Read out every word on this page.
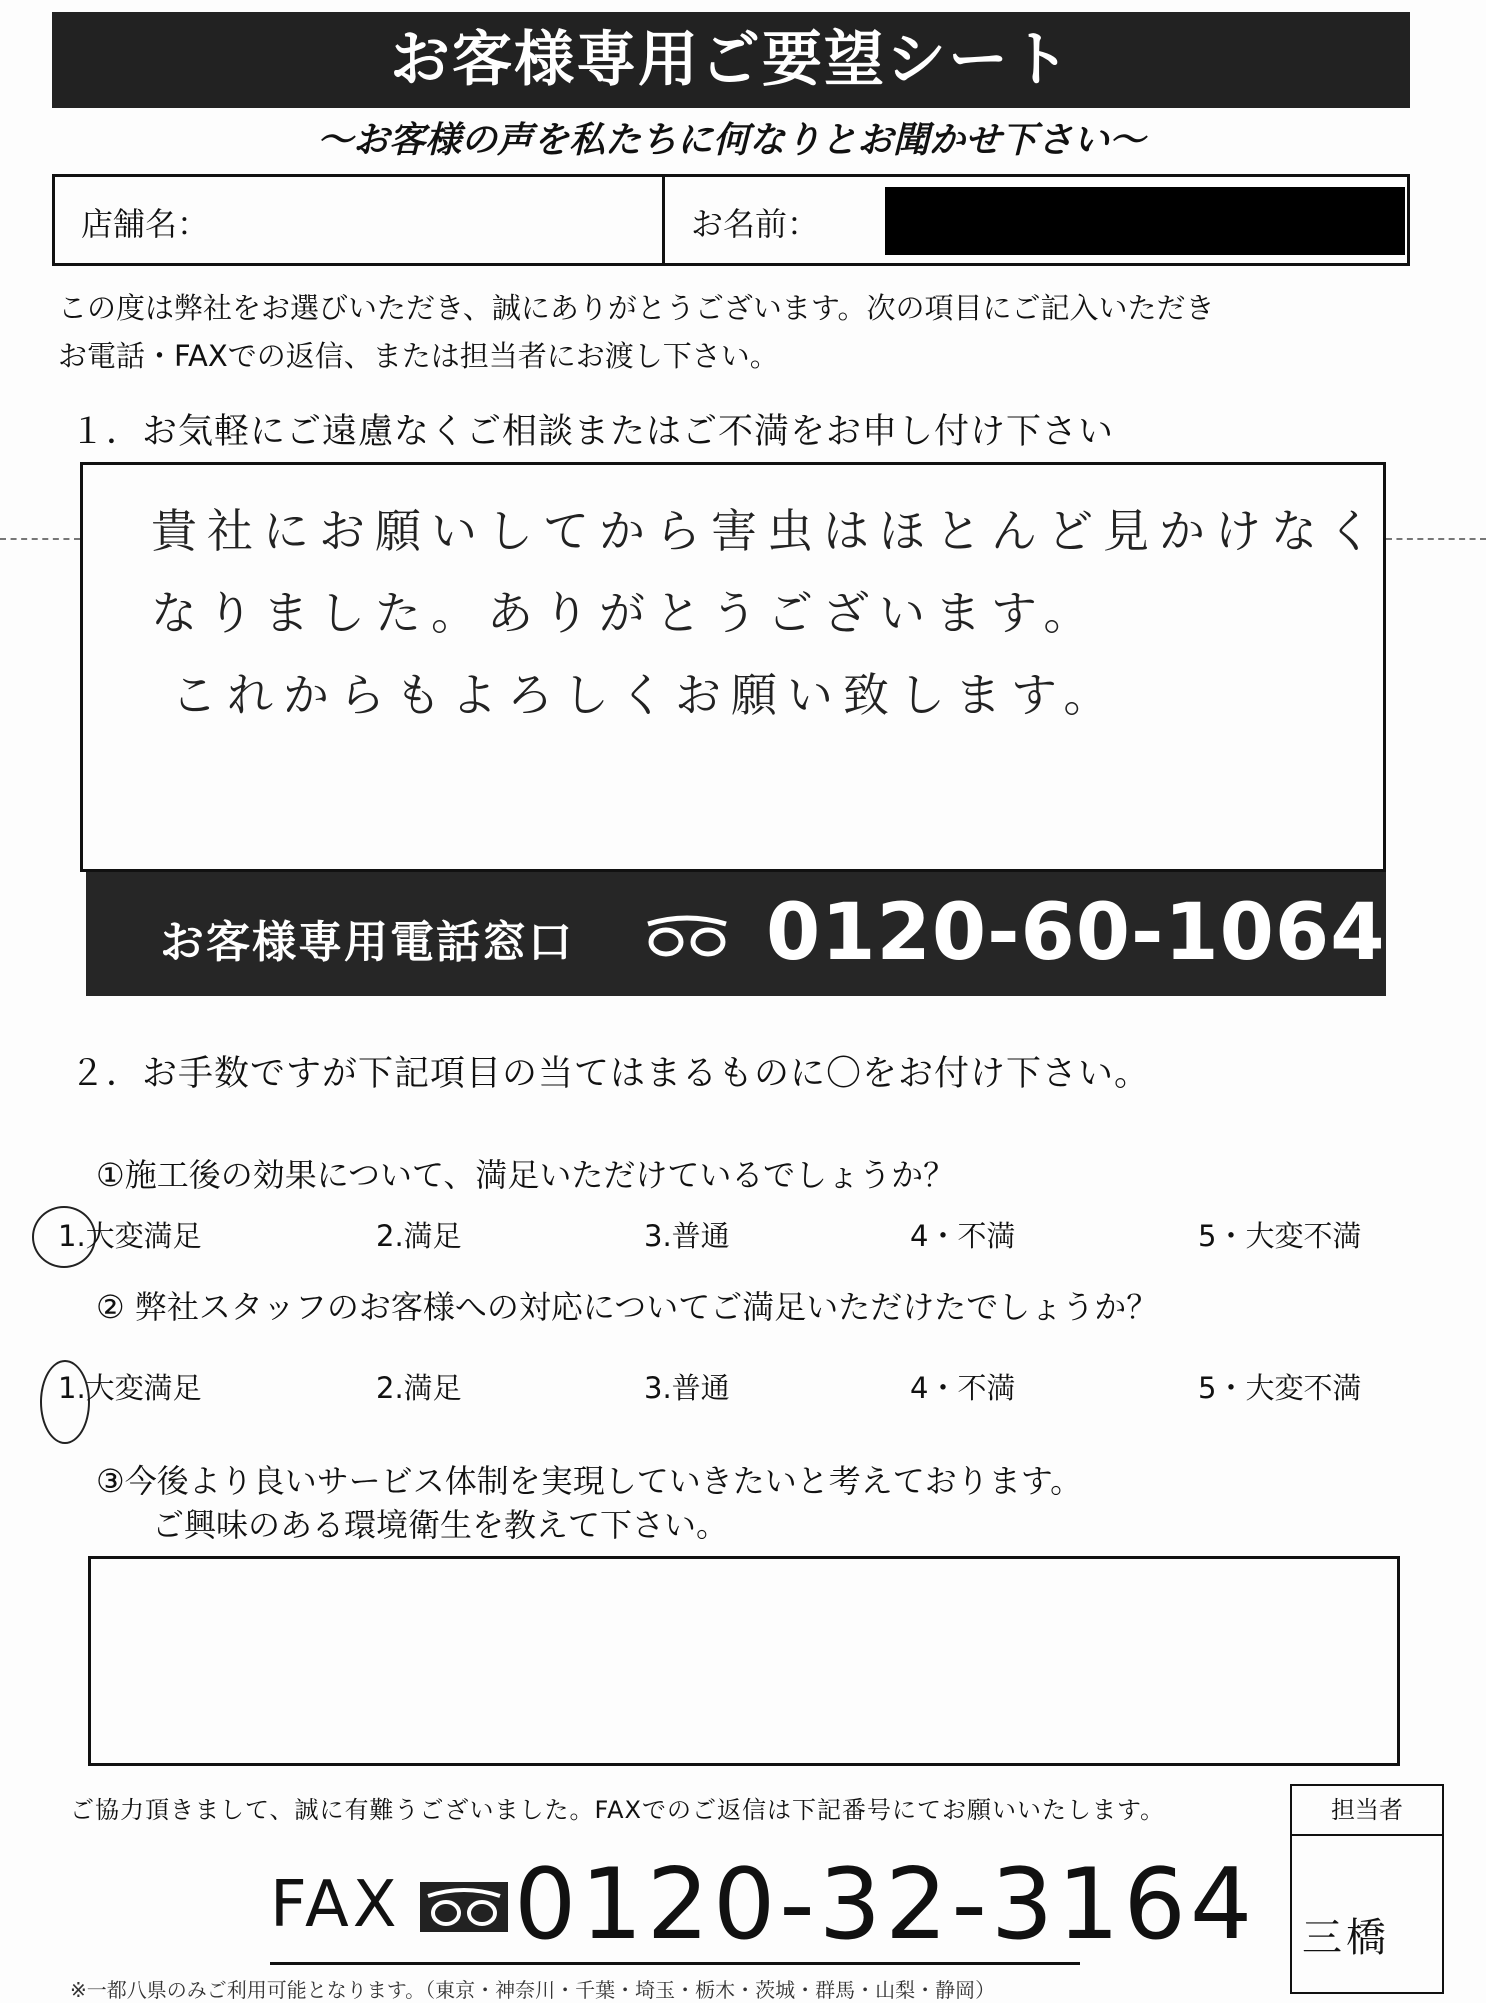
お客様専用ご要望シート
〜お客様の声を私たちに何なりとお聞かせ下さい〜
店舗名：	お名前：
この度は弊社をお選びいただき、誠にありがとうございます。次の項目にご記入いただき
お電話・FAXでの返信、または担当者にお渡し下さい。
１．お気軽にご遠慮なくご相談またはご不満をお申し付け下さい
貴社にお願いしてから害虫はほとんど見かけなく
なりました。ありがとうございます。
これからもよろしくお願い致します。
お客様専用電話窓口 0120-60-1064
２．お手数ですが下記項目の当てはまるものに〇をお付け下さい。
①施工後の効果について、満足いただけているでしょうか？
1.大変満足	2.満足	3.普通	4・不満	5・大変不満
② 弊社スタッフのお客様への対応についてご満足いただけたでしょうか？
1.大変満足	2.満足	3.普通	4・不満	5・大変不満
③今後より良いサービス体制を実現していきたいと考えております。
ご興味のある環境衛生を教えて下さい。
ご協力頂きまして、誠に有難うございました。FAXでのご返信は下記番号にてお願いいたします。
FAX 0120-32-3164
※一都八県のみご利用可能となります。（東京・神奈川・千葉・埼玉・栃木・茨城・群馬・山梨・静岡）
担当者
三橋
